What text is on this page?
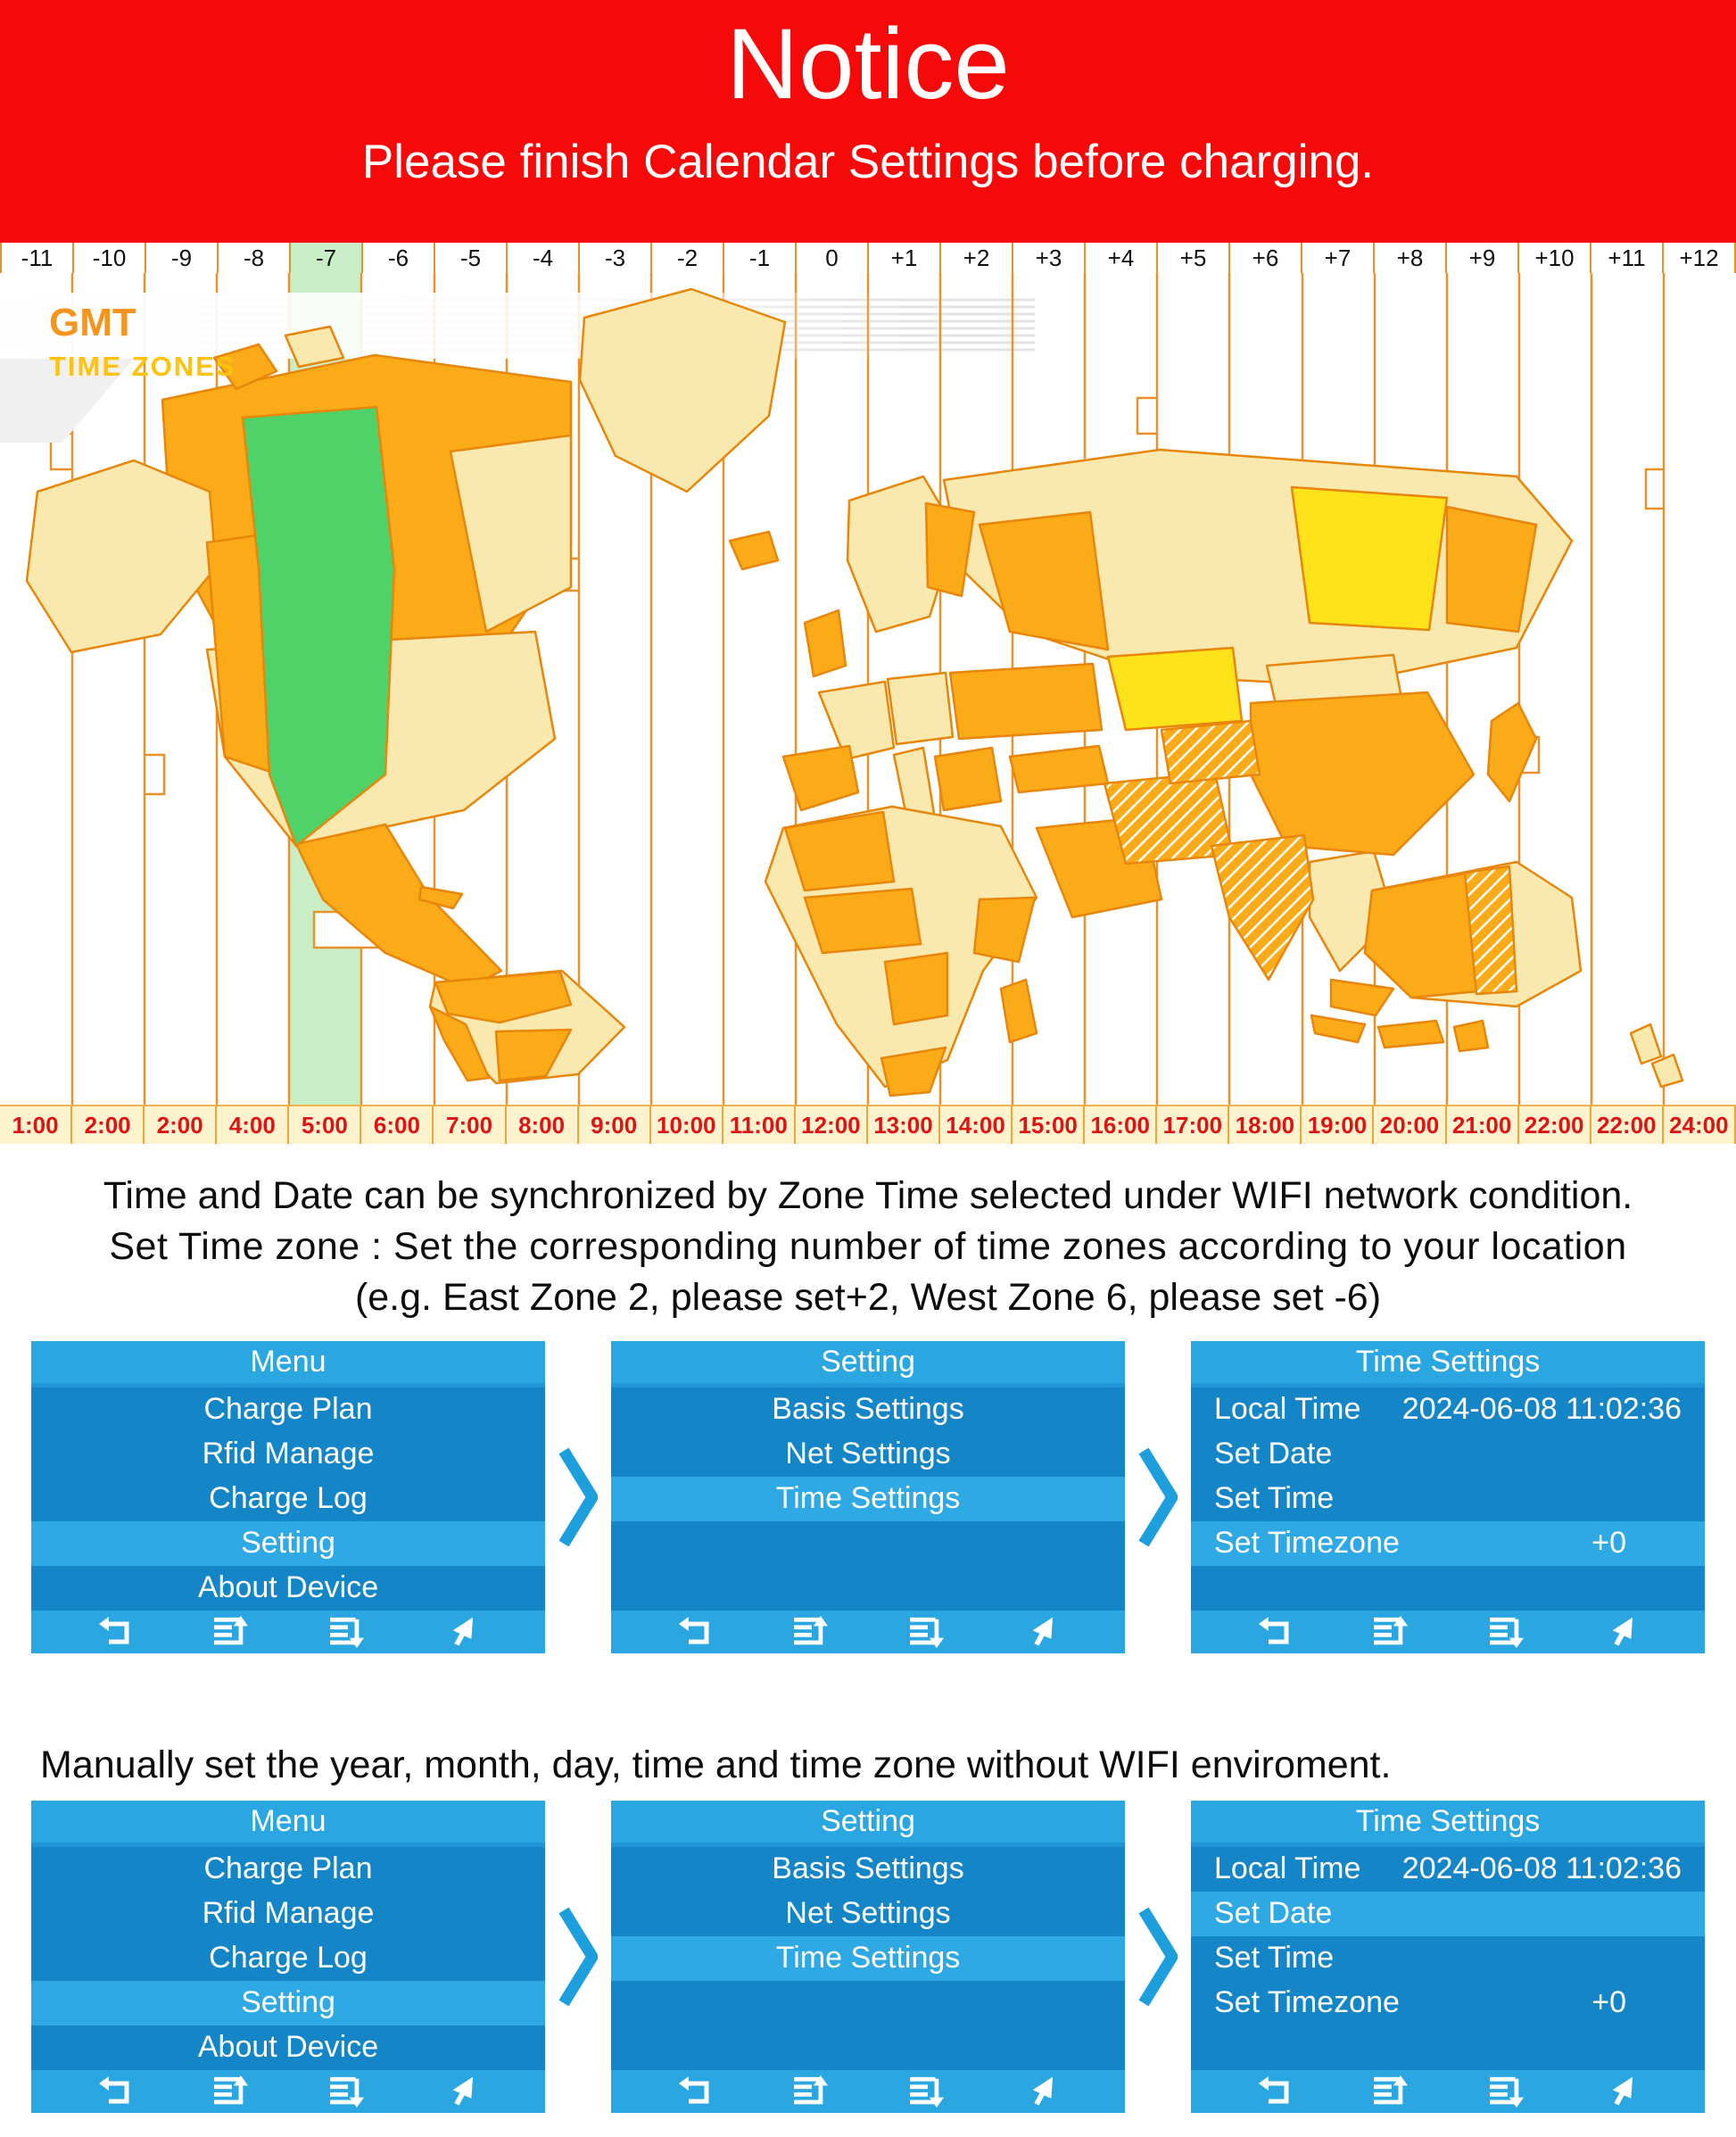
Notice
Please finish Calendar Settings before charging.
-11	-10	-9	-8	-7	-6	-5	-4	-3	-2	-1	0	+1	+2	+3	+4	+5	+6	+7	+8	+9	+10	+11	+12
GMT
TIME ZONES
1:00	2:00	2:00	4:00	5:00	6:00	7:00	8:00	9:00 10:00 11:00 12:00 13:00 14:00 15:00 16:00 17:00 18:00 19:00 20:00 21:00 22:00 22:00 24:00
Time and Date can be synchronized by Zone Time selected under WIFI network condition.
Set Time zone : Set the corresponding number of time zones according to your location
(e.g. East Zone 2, please set+2, West Zone 6, please set -6)
Menu
Charge Plan
Rfid Manage
Charge Log
Setting
About Device
Setting
Basis Settings
Net Settings
Time Settings
Time Settings
Local Time 2024-06-08 11:02:36
Set Date
Set Time
Set Timezone	+0
Manually set the year, month, day, time and time zone without WIFI enviroment.
Menu
Charge Plan
Rfid Manage
Charge Log
Setting
About Device
Setting
Basis Settings
Net Settings
Time Settings
Time Settings
Local Time 2024-06-08 11:02:36
Set Date
Set Time
Set Timezone	+0
